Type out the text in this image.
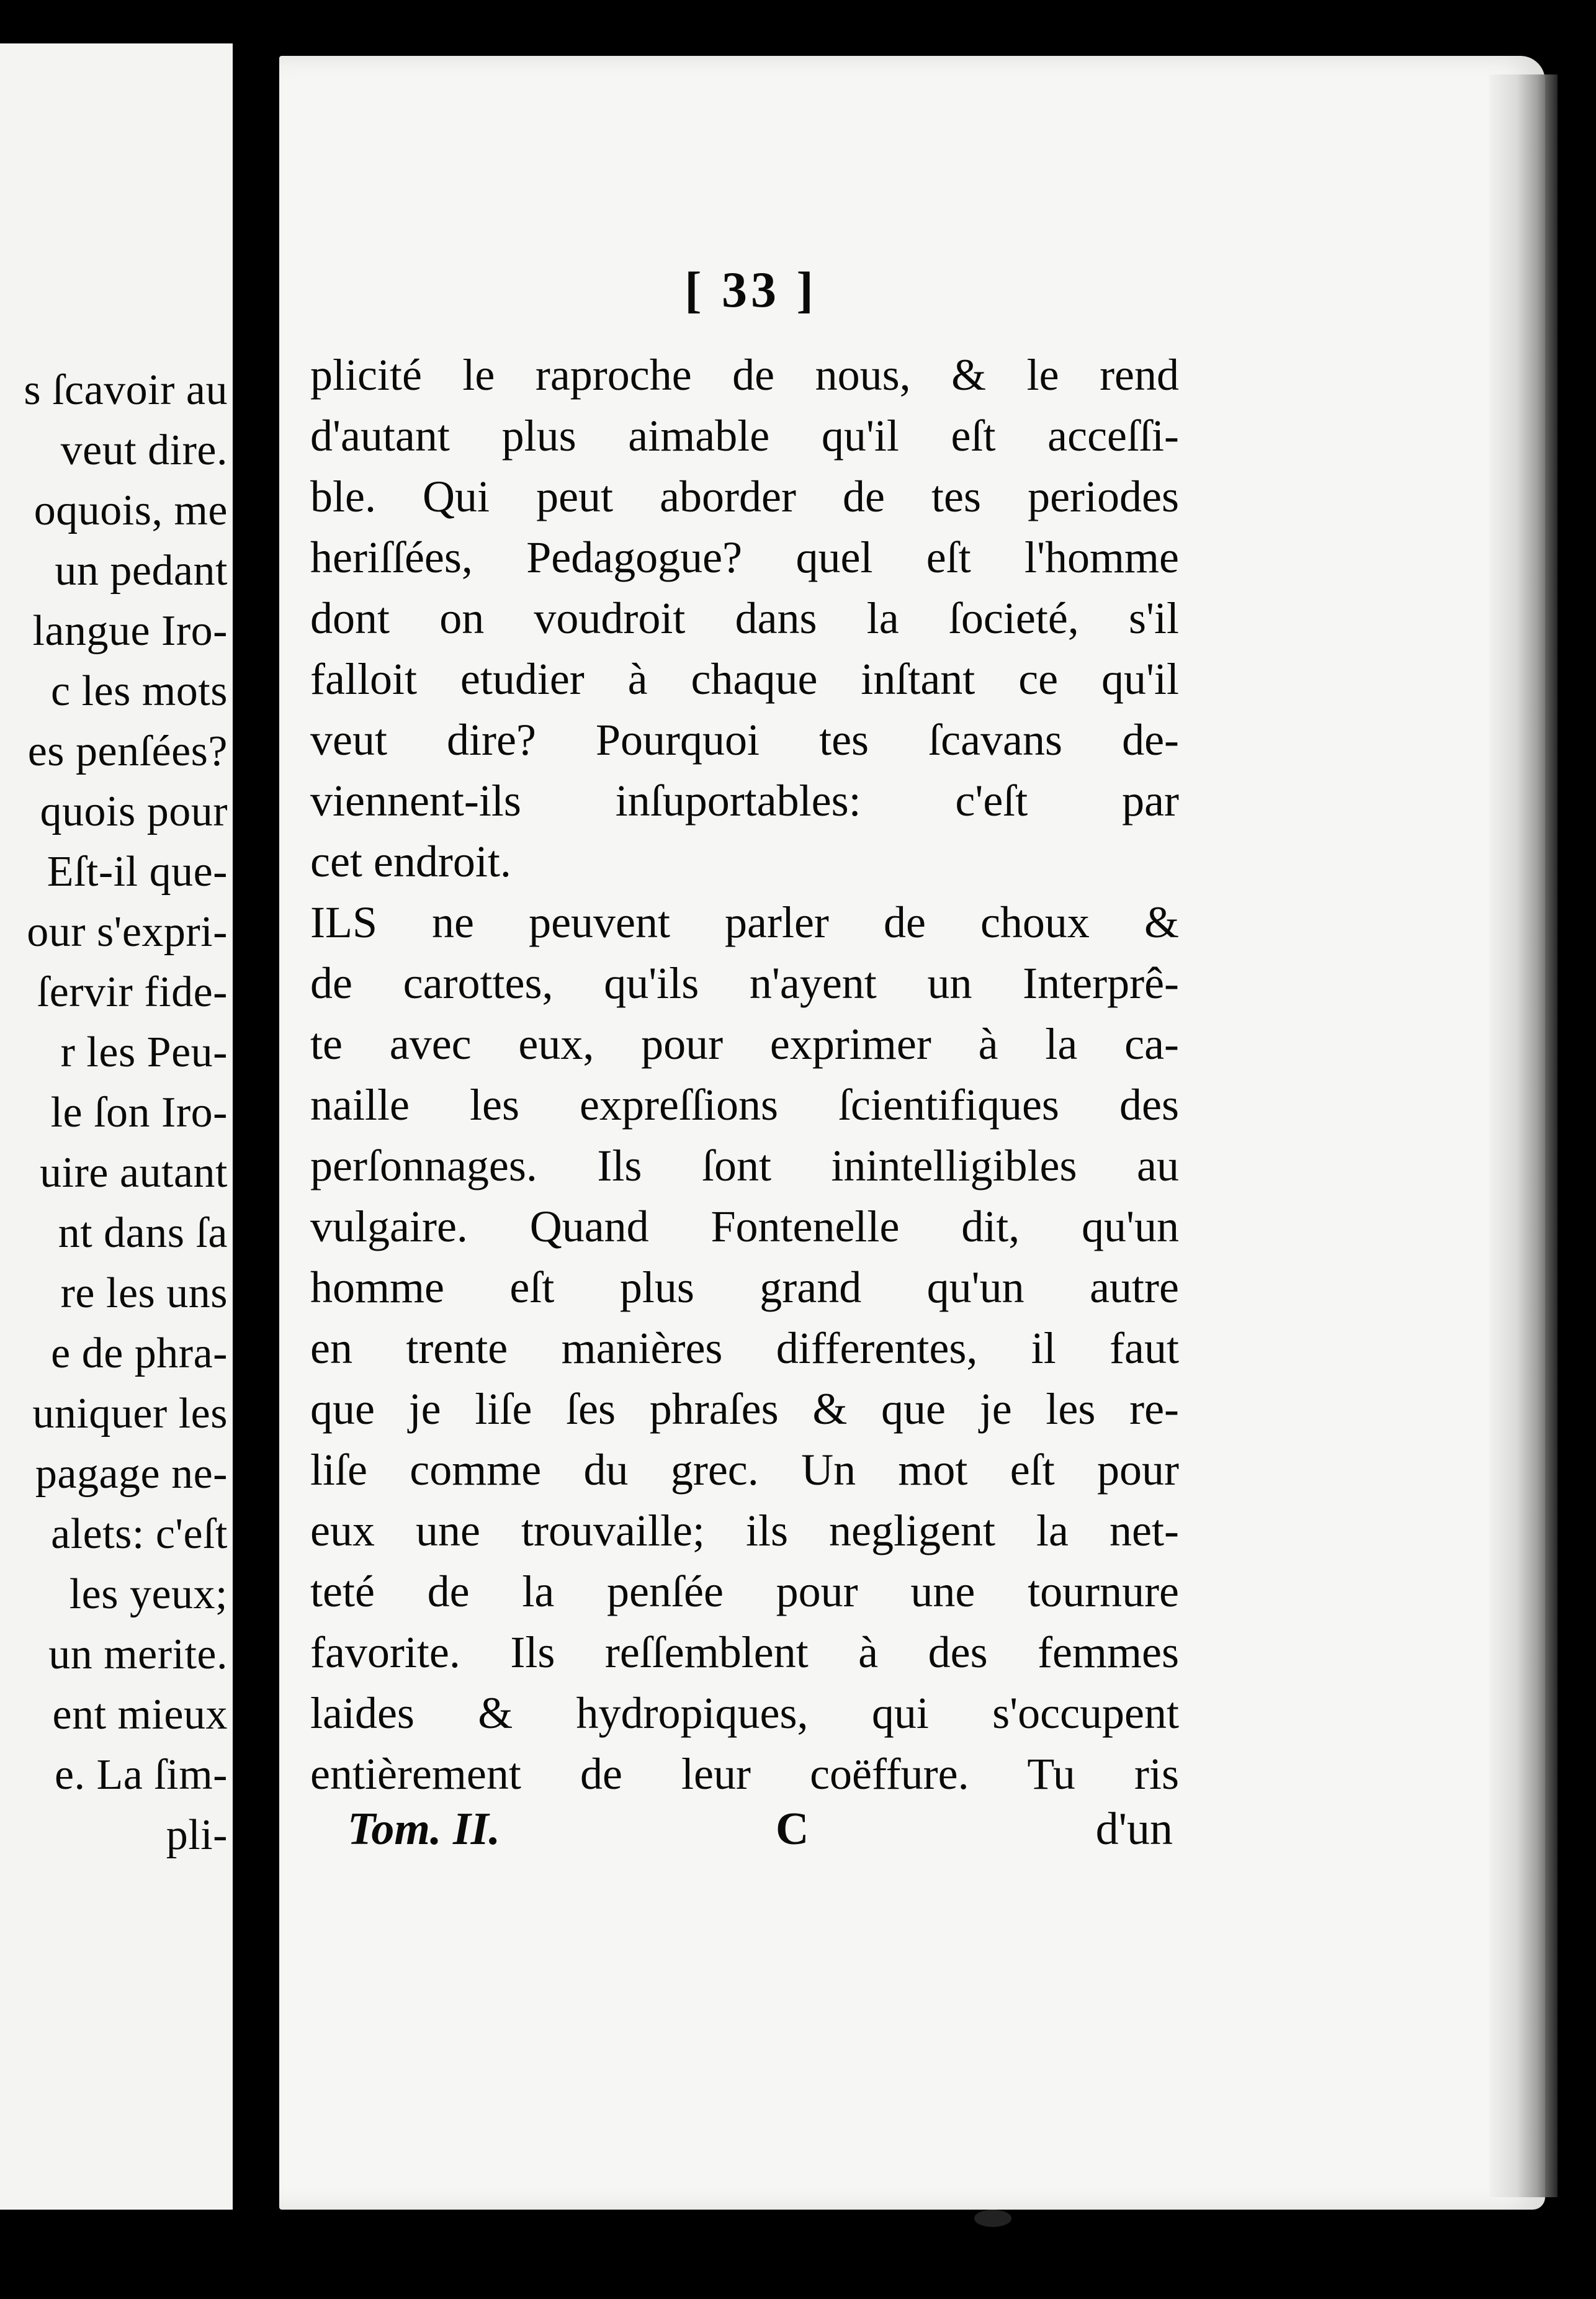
s ſcavoir au
veut dire.
oquois, me
un pedant
langue Iro-
c les mots
es penſées?
quois pour
Eſt-il que-
our s'expri-
ſervir fide-
r les Peu-
le ſon Iro-
uire autant
nt dans ſa
re les uns
e de phra-
uniquer les
pagage ne-
alets: c'eſt
les yeux;
un merite.
ent mieux
e. La ſim-
pli-
[ 33 ]
plicité le raproche de nous, & le rend
d'autant plus aimable qu'il eſt acceſſi-
ble. Qui peut aborder de tes periodes
heriſſées, Pedagogue? quel eſt l'homme
dont on voudroit dans la ſocieté, s'il
falloit etudier à chaque inſtant ce qu'il
veut dire? Pourquoi tes ſcavans de-
viennent-ils inſuportables: c'eſt par
cet endroit.
ILS ne peuvent parler de choux &
de carottes, qu'ils n'ayent un Interprê-
te avec eux, pour exprimer à la ca-
naille les expreſſions ſcientifiques des
perſonnages. Ils ſont inintelligibles au
vulgaire. Quand Fontenelle dit, qu'un
homme eſt plus grand qu'un autre
en trente manières differentes, il faut
que je liſe ſes phraſes & que je les re-
liſe comme du grec. Un mot eſt pour
eux une trouvaille; ils negligent la net-
teté de la penſée pour une tournure
favorite. Ils reſſemblent à des femmes
laides & hydropiques, qui s'occupent
entièrement de leur coëffure. Tu ris
Tom. II.	C	d'un
